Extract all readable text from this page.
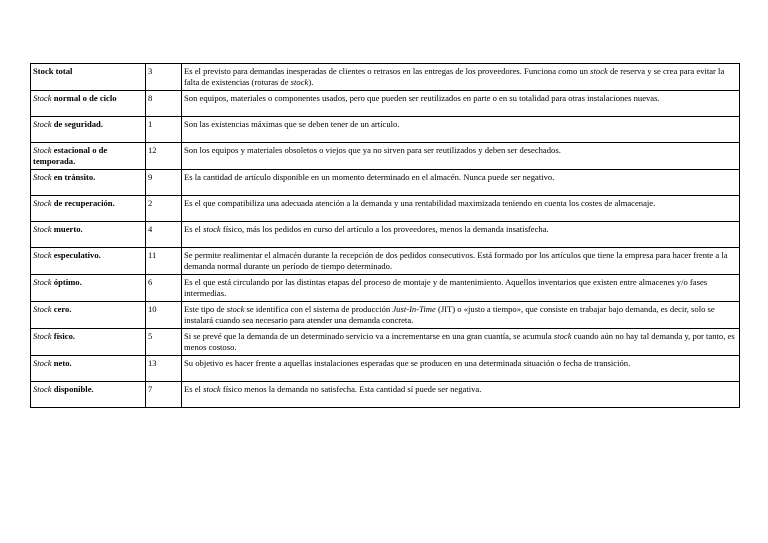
Stock total	3	Es el previsto para demandas inesperadas de clientes o retrasos en las entregas de los proveedores. Funciona como un stock de reserva y se crea para evitar la falta de existencias (roturas de stock).
Stock normal o de ciclo	8	Son equipos, materiales o componentes usados, pero que pueden ser reutilizados en parte o en su totalidad para otras instalaciones nuevas.
Stock de seguridad.	1	Son las existencias máximas que se deben tener de un artículo.
Stock estacional o de temporada.	12	Son los equipos y materiales obsoletos o viejos que ya no sirven para ser reutilizados y deben ser desechados.
Stock en tránsito.	9	Es la cantidad de artículo disponible en un momento determinado en el almacén. Nunca puede ser negativo.
Stock de recuperación.	2	Es el que compatibiliza una adecuada atención a la demanda y una rentabilidad maximizada teniendo en cuenta los costes de almacenaje.
Stock muerto.	4	Es el stock físico, más los pedidos en curso del artículo a los proveedores, menos la demanda insatisfecha.
Stock especulativo.	11	Se permite realimentar el almacén durante la recepción de dos pedidos consecutivos. Está formado por los artículos que tiene la empresa para hacer frente a la demanda normal durante un período de tiempo determinado.
Stock óptimo.	6	Es el que está circulando por las distintas etapas del proceso de montaje y de mantenimiento. Aquellos inventarios que existen entre almacenes y/o fases intermedias.
Stock cero.	10	Este tipo de stock se identifica con el sistema de producción Just-In-Time (JIT) o «justo a tiempo», que consiste en trabajar bajo demanda, es decir, solo se instalará cuando sea necesario para atender una demanda concreta.
Stock físico.	5	Si se prevé que la demanda de un determinado servicio va a incrementarse en una gran cuantía, se acumula stock cuando aún no hay tal demanda y, por tanto, es menos costoso.
Stock neto.	13	Su objetivo es hacer frente a aquellas instalaciones esperadas que se producen en una determinada situación o fecha de transición.
Stock disponible.	7	Es el stock físico menos la demanda no satisfecha. Esta cantidad sí puede ser negativa.
